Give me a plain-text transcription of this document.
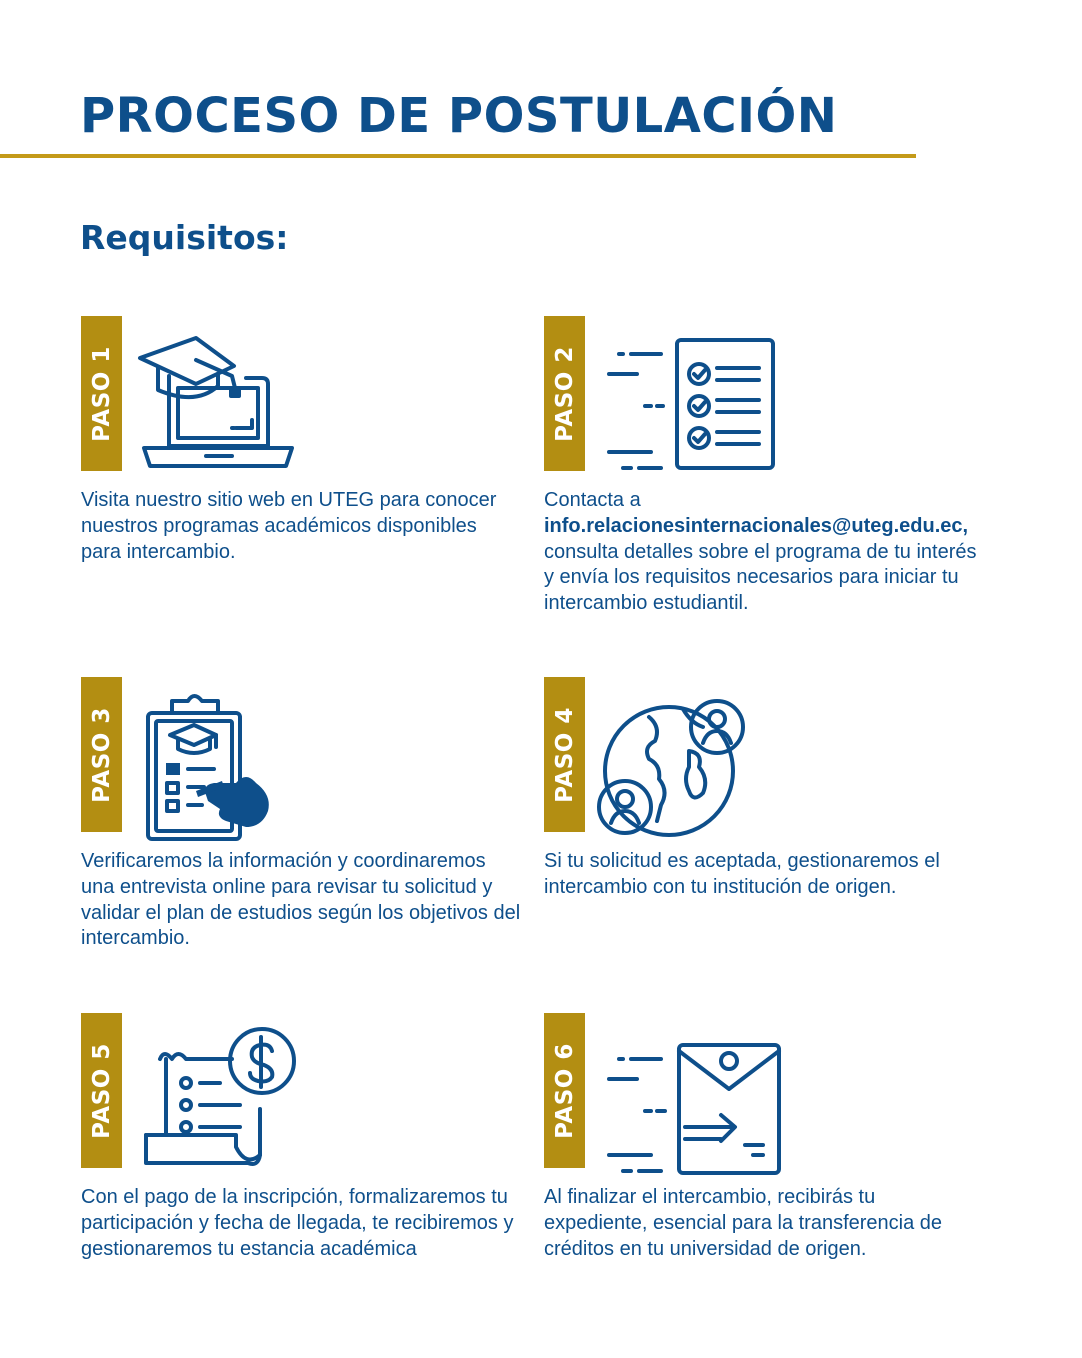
PROCESO DE POSTULACIÓN
Requisitos:
PASO 1

Visita nuestro sitio web en UTEG para conocer nuestros programas académicos disponibles para intercambio.

PASO 2

Contacta a info.relacionesinternacionales@uteg.edu.ec, consulta detalles sobre el programa de tu interés y envía los requisitos necesarios para iniciar tu intercambio estudiantil.

PASO 3

Verificaremos la información y coordinaremos una entrevista online para revisar tu solicitud y validar el plan de estudios según los objetivos del intercambio.

PASO 4

Si tu solicitud es aceptada, gestionaremos el intercambio con tu institución de origen.

PASO 5

Con el pago de la inscripción, formalizaremos tu participación y fecha de llegada, te recibiremos y gestionaremos tu estancia académica

PASO 6

Al finalizar el intercambio, recibirás tu expediente, esencial para la transferencia de créditos en tu universidad de origen.
